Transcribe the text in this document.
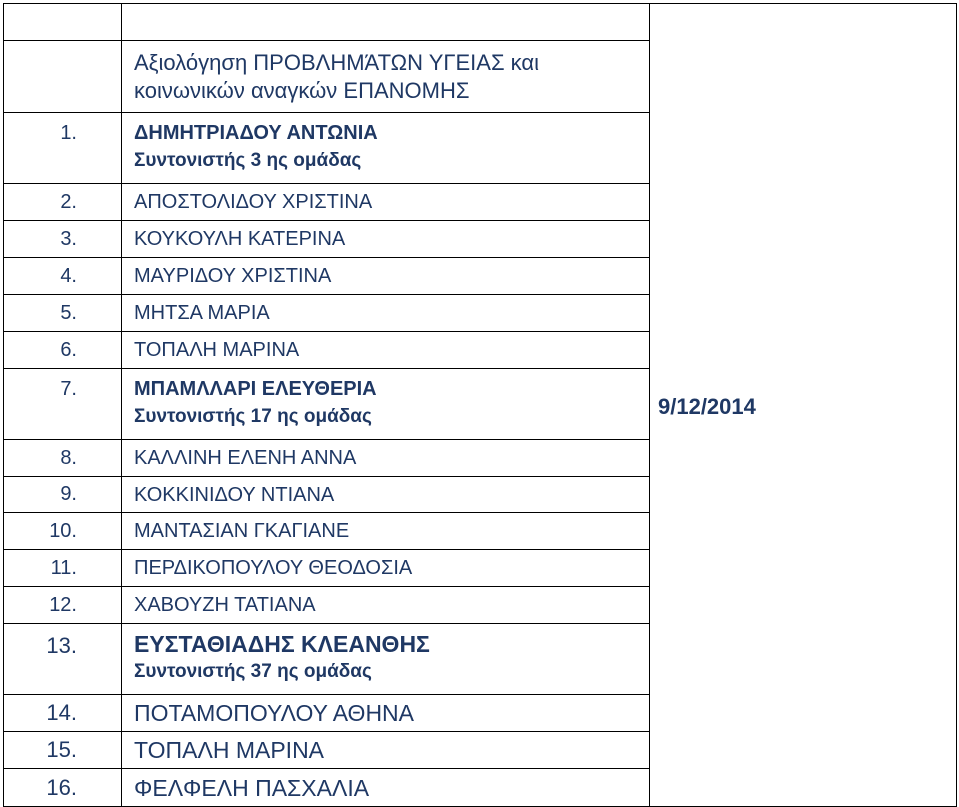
		9/12/2014

	Αξιολόγηση ΠΡΟΒΛΗΜΆΤΩΝ ΥΓΕΙΑΣ και
κοινωνικών αναγκών ΕΠΑΝΟΜΗΣ	
1.	ΔΗΜΗΤΡΙΑΔΟΥ ΑΝΤΩΝΙΑ
Συντονιστής 3 ης ομάδας	

2.	ΑΠΟΣΤΟΛΙΔΟΥ ΧΡΙΣΤΙΝΑ	

3.	ΚΟΥΚΟΥΛΗ ΚΑΤΕΡΙΝΑ	

4.	ΜΑΥΡΙΔΟΥ ΧΡΙΣΤΙΝΑ	

5.	ΜΗΤΣΑ ΜΑΡΙΑ	

6.	ΤΟΠΑΛΗ ΜΑΡΙΝΑ	

7.	ΜΠΑΜΛΛΑΡΙ ΕΛΕΥΘΕΡΙΑ
Συντονιστής 17 ης ομάδας	

8.	ΚΑΛΛΙΝΗ ΕΛΕΝΗ ΑΝΝΑ	

9.	ΚΟΚΚΙΝΙΔΟΥ ΝΤΙΑΝΑ	

10.	ΜΑΝΤΑΣΙΑΝ ΓΚΑΓΙΑΝΕ	

11.	ΠΕΡΔΙΚΟΠΟΥΛΟΥ ΘΕΟΔΟΣΙΑ	

12.	ΧΑΒΟΥΖΗ ΤΑΤΙΑΝΑ	

13.	ΕΥΣΤΑΘΙΑΔΗΣ ΚΛΕΑΝΘΗΣ
Συντονιστής 37 ης ομάδας	

14.	ΠΟΤΑΜΟΠΟΥΛΟΥ ΑΘΗΝΑ	

15.	ΤΟΠΑΛΗ ΜΑΡΙΝΑ	

16.	ΦΕΛΦΕΛΗ ΠΑΣΧΑΛΙΑ	
